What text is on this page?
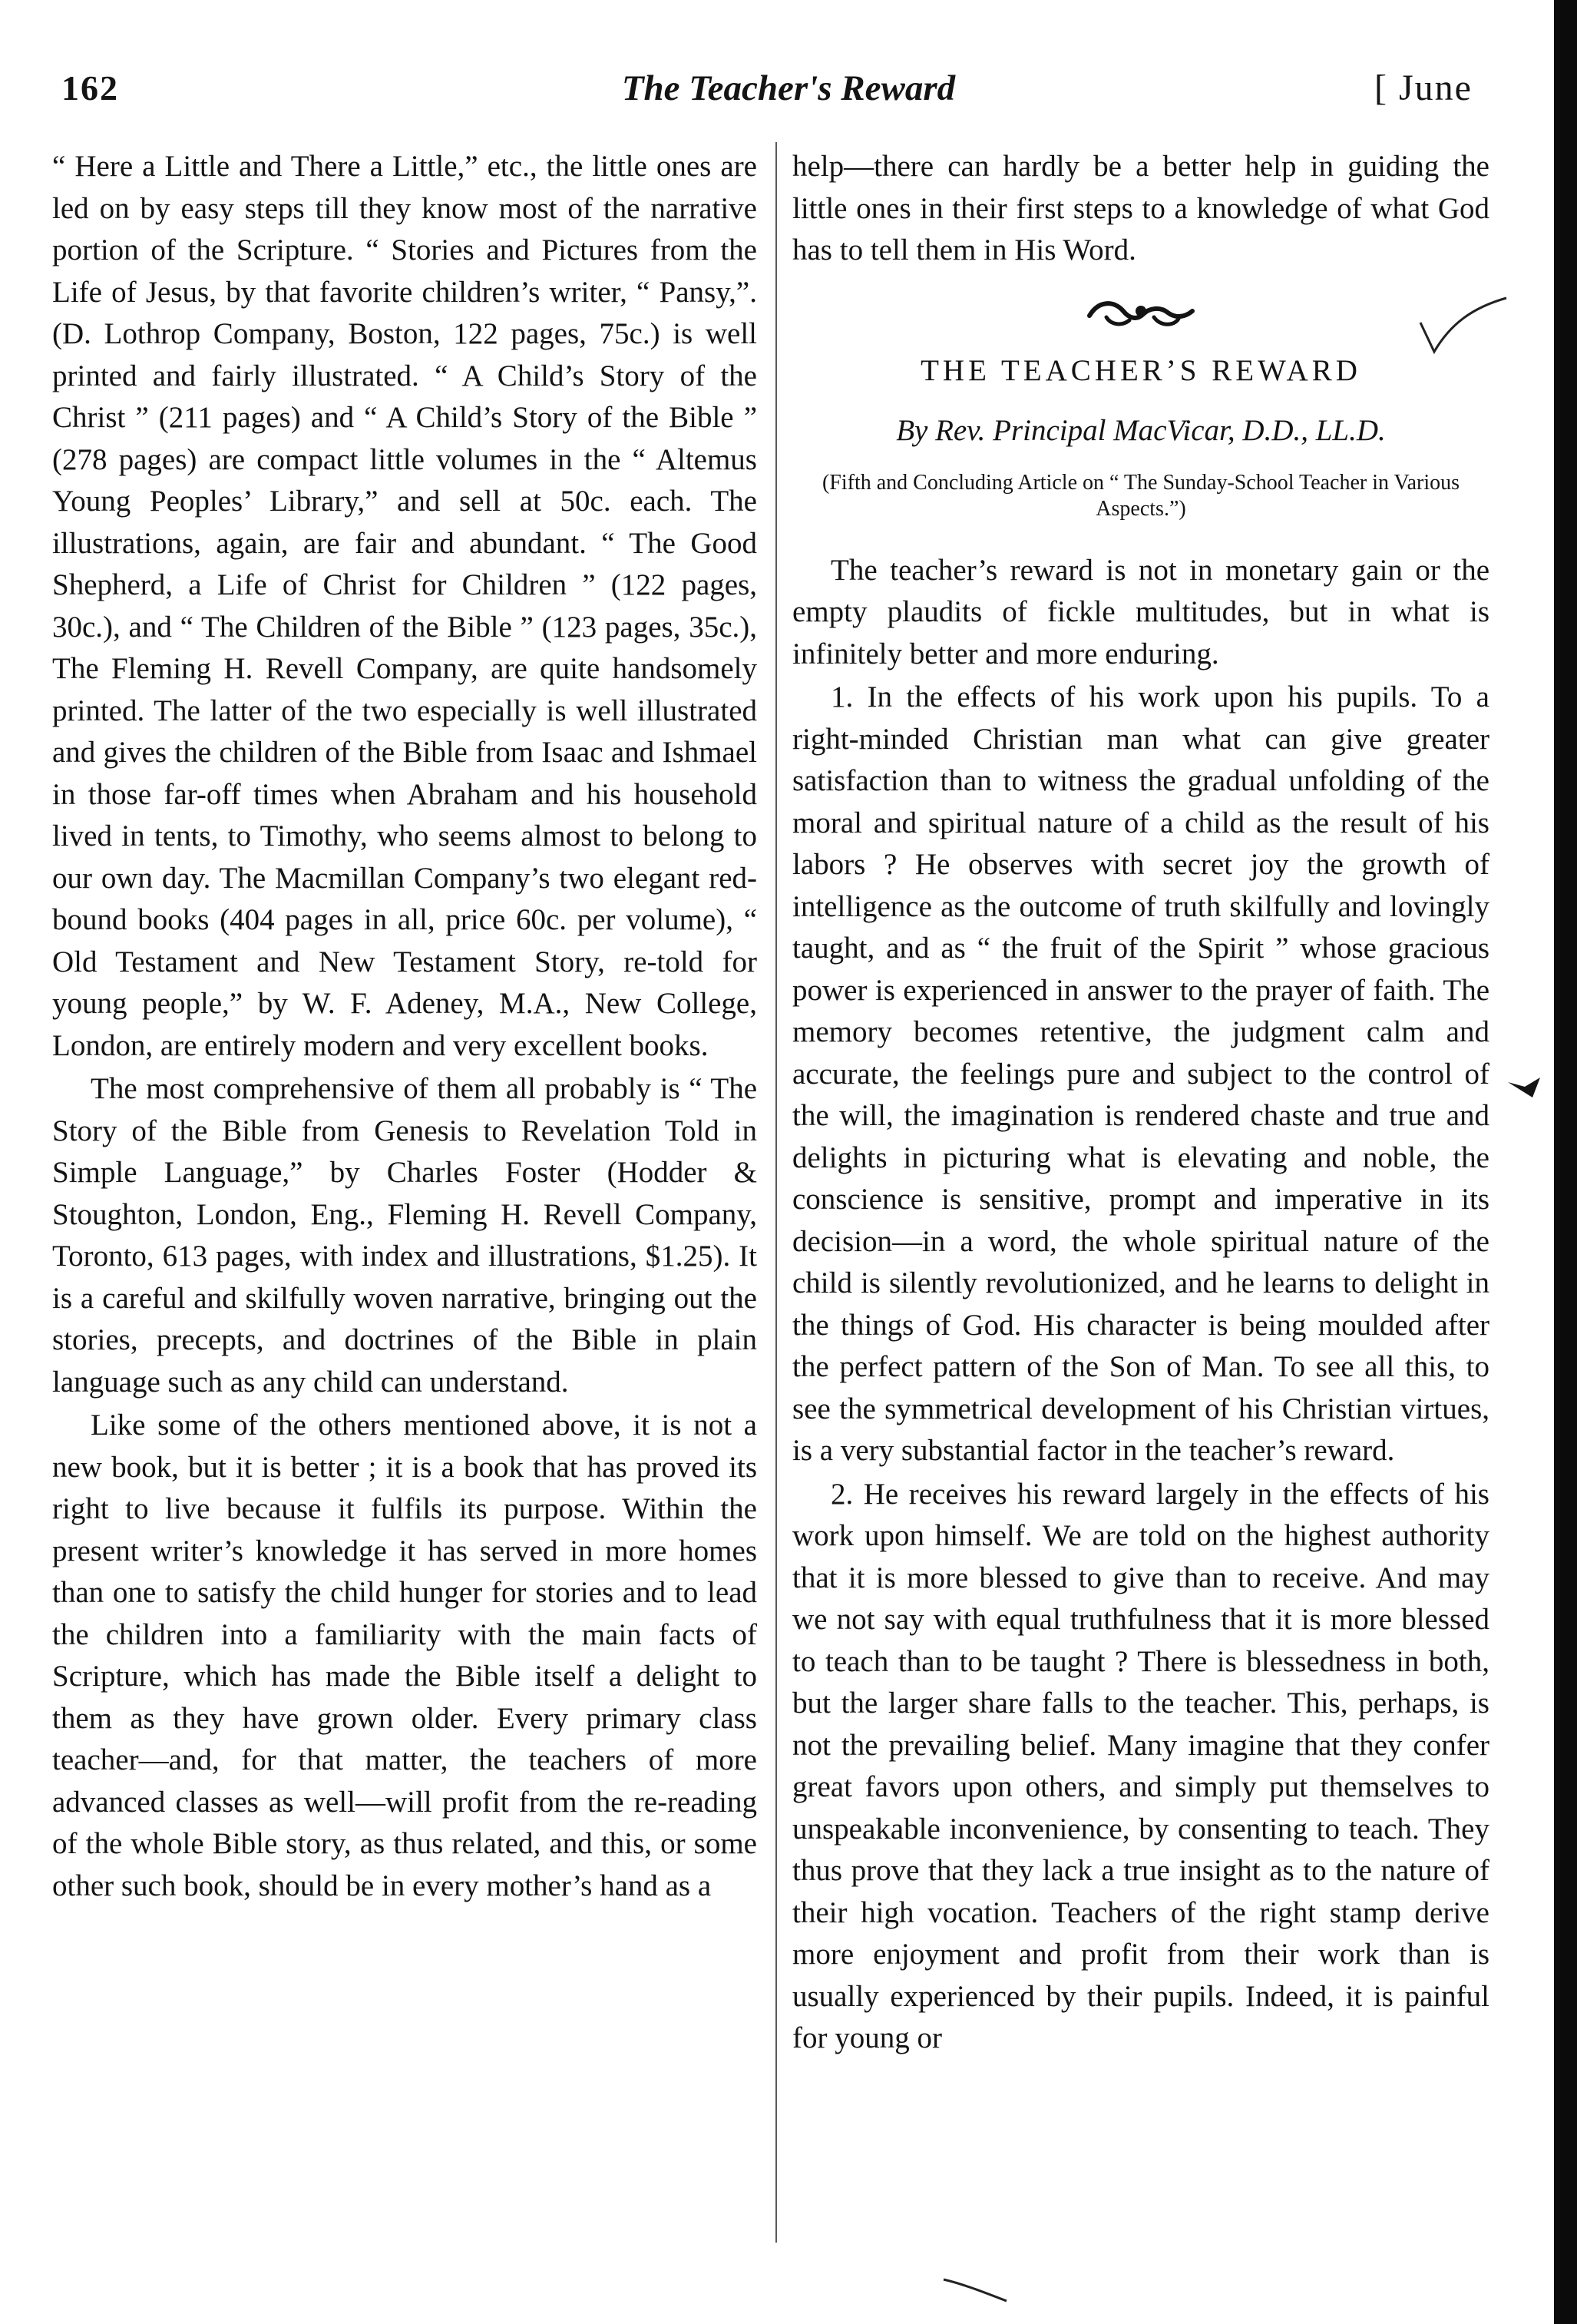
162	The Teacher's Reward	[ June

“ Here a Little and There a Little,” etc., the little ones are led on by easy steps till they know most of the narrative portion of the Scripture. “ Stories and Pictures from the Life of Jesus, by that favorite children’s writer, “ Pansy,”. (D. Lothrop Company, Boston, 122 pages, 75c.) is well printed and fairly illustrated. “ A Child’s Story of the Christ ” (211 pages) and “ A Child’s Story of the Bible ” (278 pages) are compact little volumes in the “ Altemus Young Peoples’ Library,” and sell at 50c. each. The illustrations, again, are fair and abundant. “ The Good Shepherd, a Life of Christ for Children ” (122 pages, 30c.), and “ The Children of the Bible ” (123 pages, 35c.), The Fleming H. Revell Company, are quite handsomely printed. The latter of the two especially is well illustrated and gives the children of the Bible from Isaac and Ishmael in those far-off times when Abraham and his household lived in tents, to Timothy, who seems almost to belong to our own day. The Macmillan Company’s two elegant red-bound books (404 pages in all, price 60c. per volume), “ Old Testament and New Testament Story, re-told for young people,” by W. F. Adeney, M.A., New College, London, are entirely modern and very excellent books.

The most comprehensive of them all probably is “ The Story of the Bible from Genesis to Revelation Told in Simple Language,” by Charles Foster (Hodder & Stoughton, London, Eng., Fleming H. Revell Company, Toronto, 613 pages, with index and illustrations, $1.25). It is a careful and skilfully woven narrative, bringing out the stories, precepts, and doctrines of the Bible in plain language such as any child can understand.

Like some of the others mentioned above, it is not a new book, but it is better ; it is a book that has proved its right to live because it fulfils its purpose. Within the present writer’s knowledge it has served in more homes than one to satisfy the child hunger for stories and to lead the children into a familiarity with the main facts of Scripture, which has made the Bible itself a delight to them as they have grown older. Every primary class teacher—and, for that matter, the teachers of more advanced classes as well—will profit from the re-reading of the whole Bible story, as thus related, and this, or some other such book, should be in every mother’s hand as a

help—there can hardly be a better help in guiding the little ones in their first steps to a knowledge of what God has to tell them in His Word.

THE TEACHER’S REWARD
By Rev. Principal MacVicar, D.D., LL.D.
(Fifth and Concluding Article on “ The Sunday-School Teacher in Various Aspects.”)

The teacher’s reward is not in monetary gain or the empty plaudits of fickle multitudes, but in what is infinitely better and more enduring.

1. In the effects of his work upon his pupils. To a right-minded Christian man what can give greater satisfaction than to witness the gradual unfolding of the moral and spiritual nature of a child as the result of his labors ? He observes with secret joy the growth of intelligence as the outcome of truth skilfully and lovingly taught, and as “ the fruit of the Spirit ” whose gracious power is experienced in answer to the prayer of faith. The memory becomes retentive, the judgment calm and accurate, the feelings pure and subject to the control of the will, the imagination is rendered chaste and true and delights in picturing what is elevating and noble, the conscience is sensitive, prompt and imperative in its decision—in a word, the whole spiritual nature of the child is silently revolutionized, and he learns to delight in the things of God. His character is being moulded after the perfect pattern of the Son of Man. To see all this, to see the symmetrical development of his Christian virtues, is a very substantial factor in the teacher’s reward.

2. He receives his reward largely in the effects of his work upon himself. We are told on the highest authority that it is more blessed to give than to receive. And may we not say with equal truthfulness that it is more blessed to teach than to be taught ? There is blessedness in both, but the larger share falls to the teacher. This, perhaps, is not the prevailing belief. Many imagine that they confer great favors upon others, and simply put themselves to unspeakable inconvenience, by consenting to teach. They thus prove that they lack a true insight as to the nature of their high vocation. Teachers of the right stamp derive more enjoyment and profit from their work than is usually experienced by their pupils. Indeed, it is painful for young or
